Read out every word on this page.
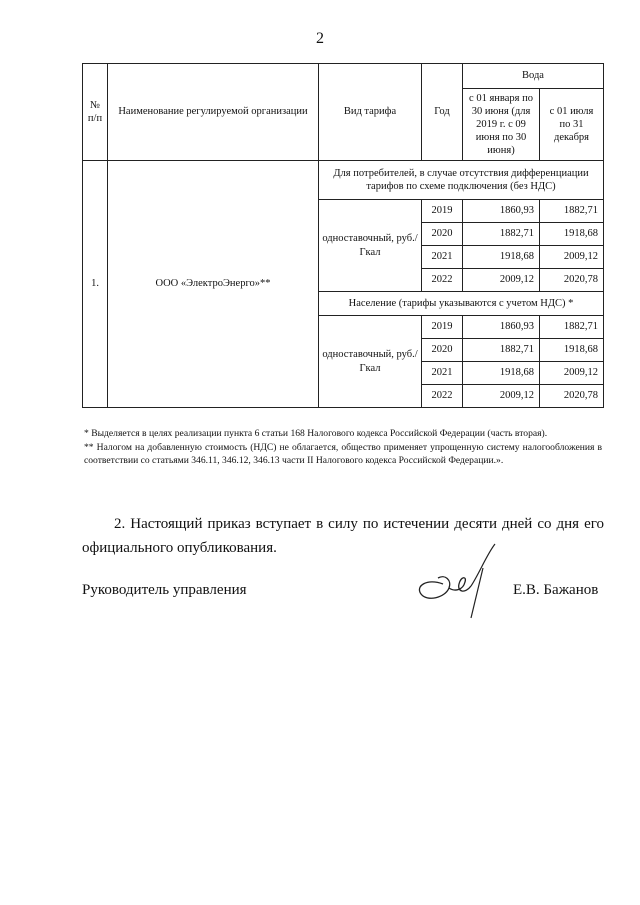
2
№ п/п	Наименование регулируемой организации	Вид тарифа	Год	Вода	
				с 01 января по 30 июня (для 2019 г. с 09 июня по 30 июня)	с 01 июля по 31 декабря
1.	ООО «ЭлектроЭнерго»**	Для потребителей, в случае отсутствия дифференциации тарифов по схеме подключения (без НДС)			
		одноставочный, руб./Гкал	2019	1860,93	1882,71
			2020	1882,71	1918,68
			2021	1918,68	2009,12
			2022	2009,12	2020,78
		Население (тарифы указываются с учетом НДС) *			
		одноставочный, руб./Гкал	2019	1860,93	1882,71
			2020	1882,71	1918,68
			2021	1918,68	2009,12
			2022	2009,12	2020,78

* Выделяется в целях реализации пункта 6 статьи 168 Налогового кодекса Российской Федерации (часть вторая).

** Налогом на добавленную стоимость (НДС) не облагается, общество применяет упрощенную систему налогообложения в соответствии со статьями 346.11, 346.12, 346.13 части II Налогового кодекса Российской Федерации.».

2. Настоящий приказ вступает в силу по истечении десяти дней со дня его официального опубликования.

Руководитель управления	Е.В. Бажанов
